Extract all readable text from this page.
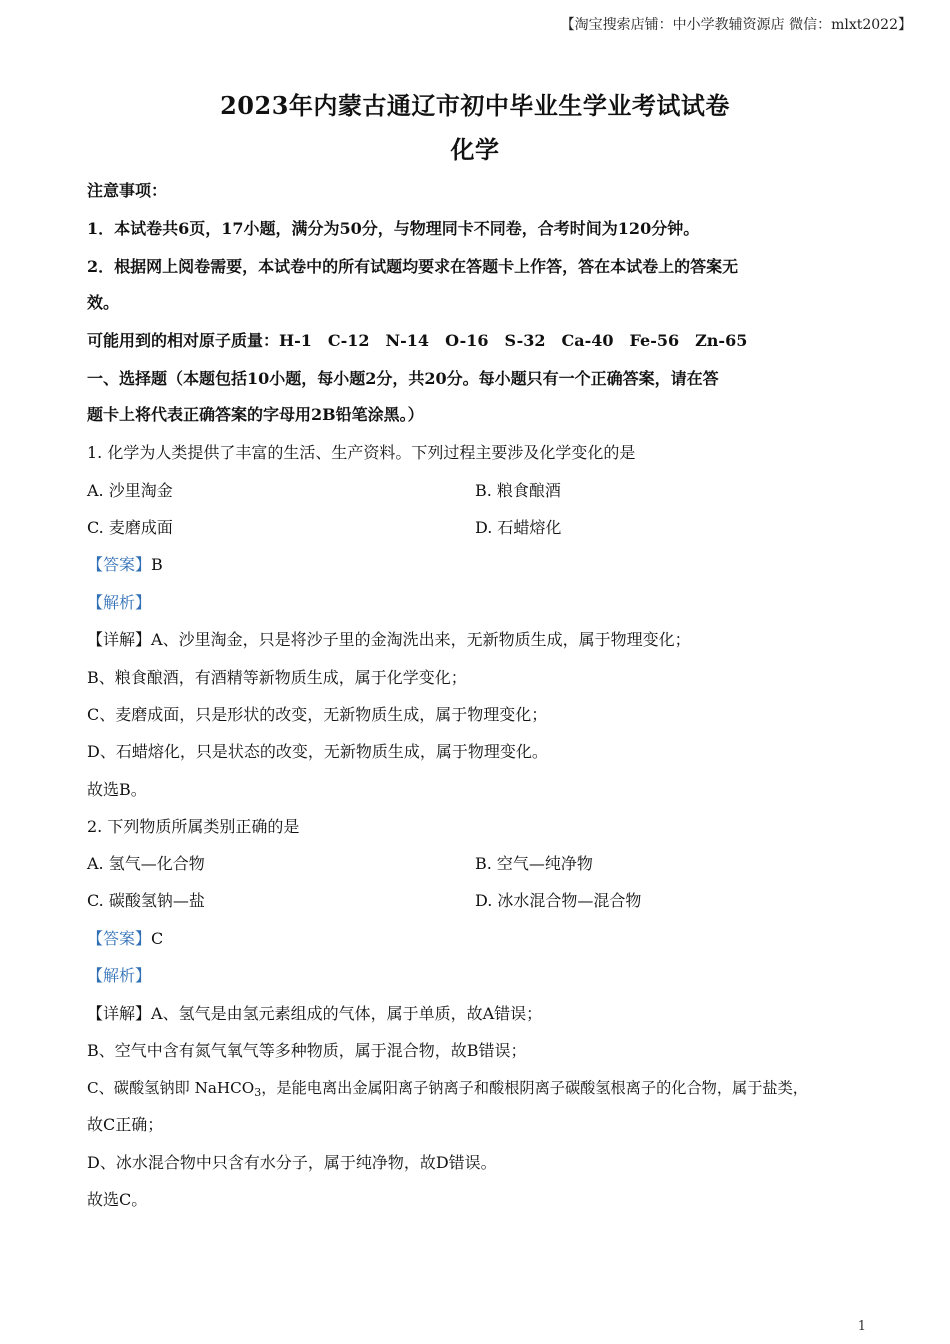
【淘宝搜索店铺：中小学教辅资源店 微信：mlxt2022】
2023年内蒙古通辽市初中毕业生学业考试试卷
化学
注意事项：
1．本试卷共6页，17小题，满分为50分，与物理同卡不同卷，合考时间为120分钟。
2．根据网上阅卷需要，本试卷中的所有试题均要求在答题卡上作答，答在本试卷上的答案无
效。
可能用到的相对原子质量：H-1　C-12　N-14　O-16　S-32　Ca-40　Fe-56　Zn-65
一、选择题（本题包括10小题，每小题2分，共20分。每小题只有一个正确答案，请在答
题卡上将代表正确答案的字母用2B铅笔涂黑。）
1. 化学为人类提供了丰富的生活、生产资料。下列过程主要涉及化学变化的是
A. 沙里淘金	B. 粮食酿酒
C. 麦磨成面	D. 石蜡熔化
【答案】B
【解析】
【详解】A、沙里淘金，只是将沙子里的金淘洗出来，无新物质生成，属于物理变化；
B、粮食酿酒，有酒精等新物质生成，属于化学变化；
C、麦磨成面，只是形状的改变，无新物质生成，属于物理变化；
D、石蜡熔化，只是状态的改变，无新物质生成，属于物理变化。
故选B。
2. 下列物质所属类别正确的是
A. 氢气—化合物	B. 空气—纯净物
C. 碳酸氢钠—盐	D. 冰水混合物—混合物
【答案】C
【解析】
【详解】A、氢气是由氢元素组成的气体，属于单质，故A错误；
B、空气中含有氮气氧气等多种物质，属于混合物，故B错误；
C、碳酸氢钠即 NaHCO$_3$，是能电离出金属阳离子钠离子和酸根阴离子碳酸氢根离子的化合物，属于盐类，
故C正确；
D、冰水混合物中只含有水分子，属于纯净物，故D错误。
故选C。
1
